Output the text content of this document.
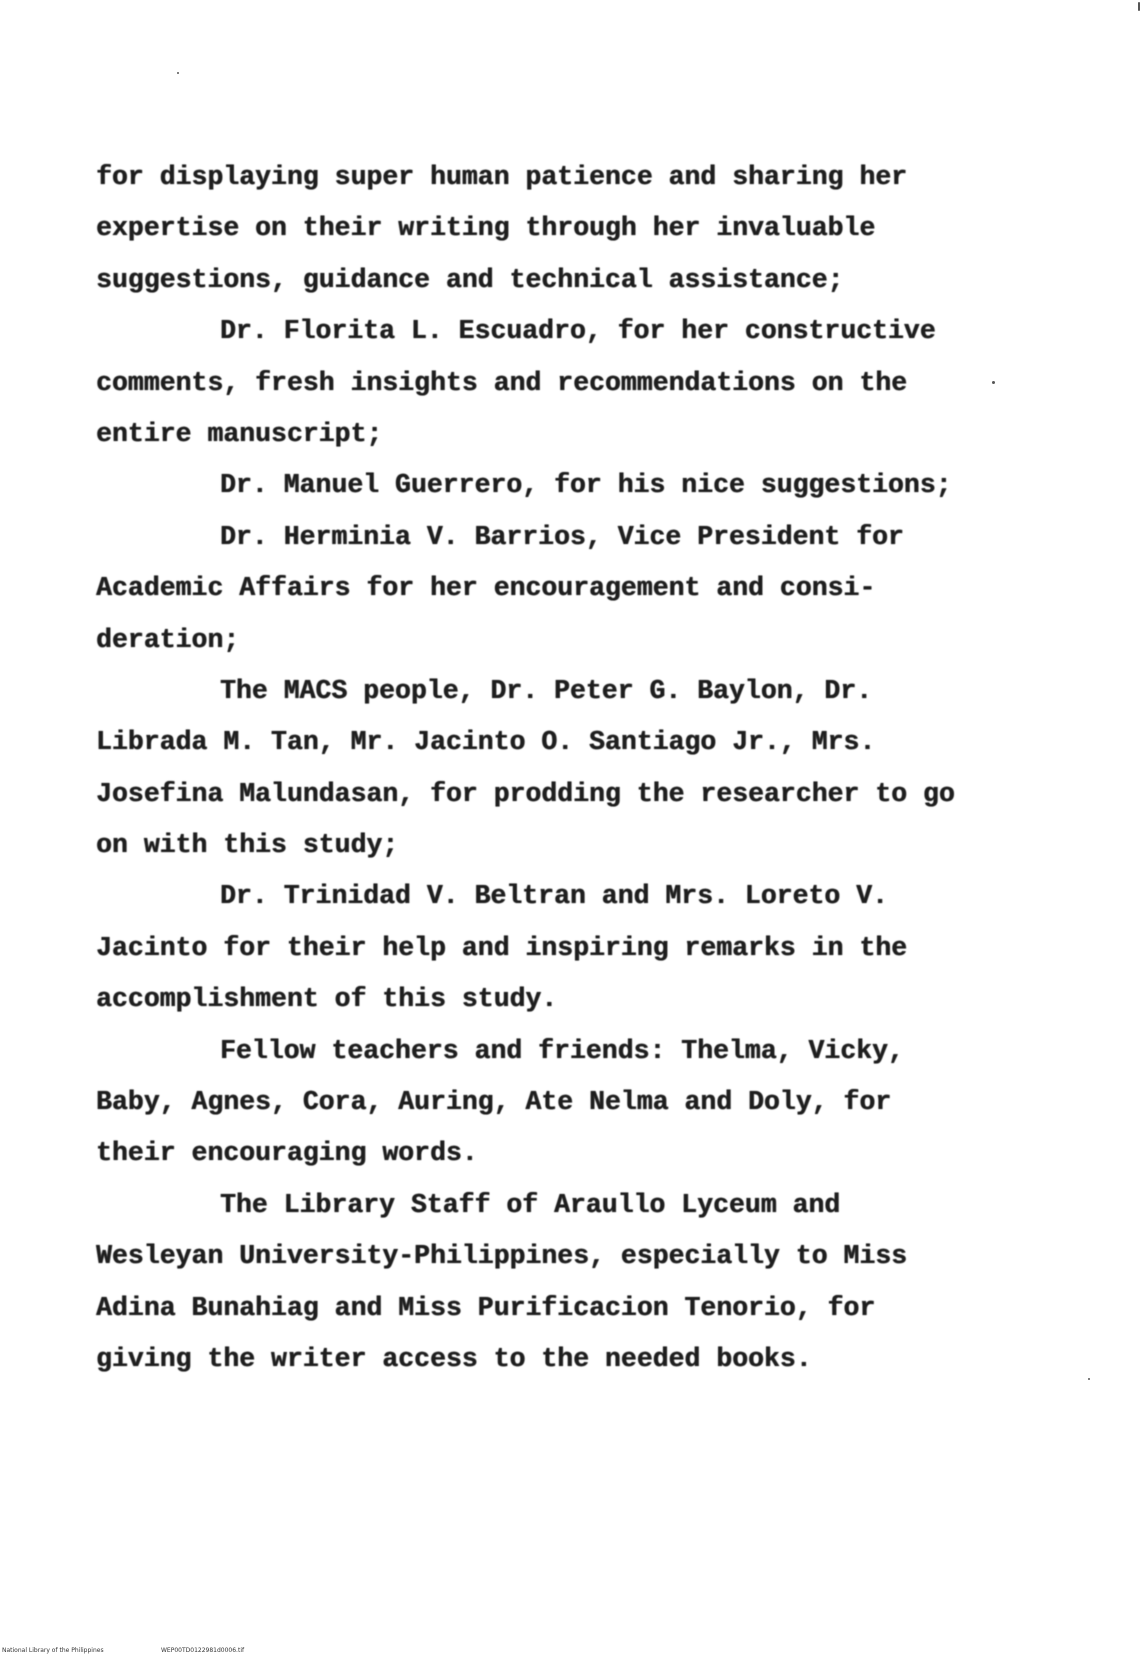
for displaying super human patience and sharing her
expertise on their writing through her invaluable
suggestions, guidance and technical assistance;
Dr. Florita L. Escuadro, for her constructive
comments, fresh insights and recommendations on the
entire manuscript;
Dr. Manuel Guerrero, for his nice suggestions;
Dr. Herminia V. Barrios, Vice President for
Academic Affairs for her encouragement and consi-
deration;
The MACS people, Dr. Peter G. Baylon, Dr.
Librada M. Tan, Mr. Jacinto O. Santiago Jr., Mrs.
Josefina Malundasan, for prodding the researcher to go
on with this study;
Dr. Trinidad V. Beltran and Mrs. Loreto V.
Jacinto for their help and inspiring remarks in the
accomplishment of this study.
Fellow teachers and friends: Thelma, Vicky,
Baby, Agnes, Cora, Auring, Ate Nelma and Doly, for
their encouraging words.
The Library Staff of Araullo Lyceum and
Wesleyan University-Philippines, especially to Miss
Adina Bunahiag and Miss Purificacion Tenorio, for
giving the writer access to the needed books.
National Library of the Philippines	WEP00TD0122981d0006.tif
